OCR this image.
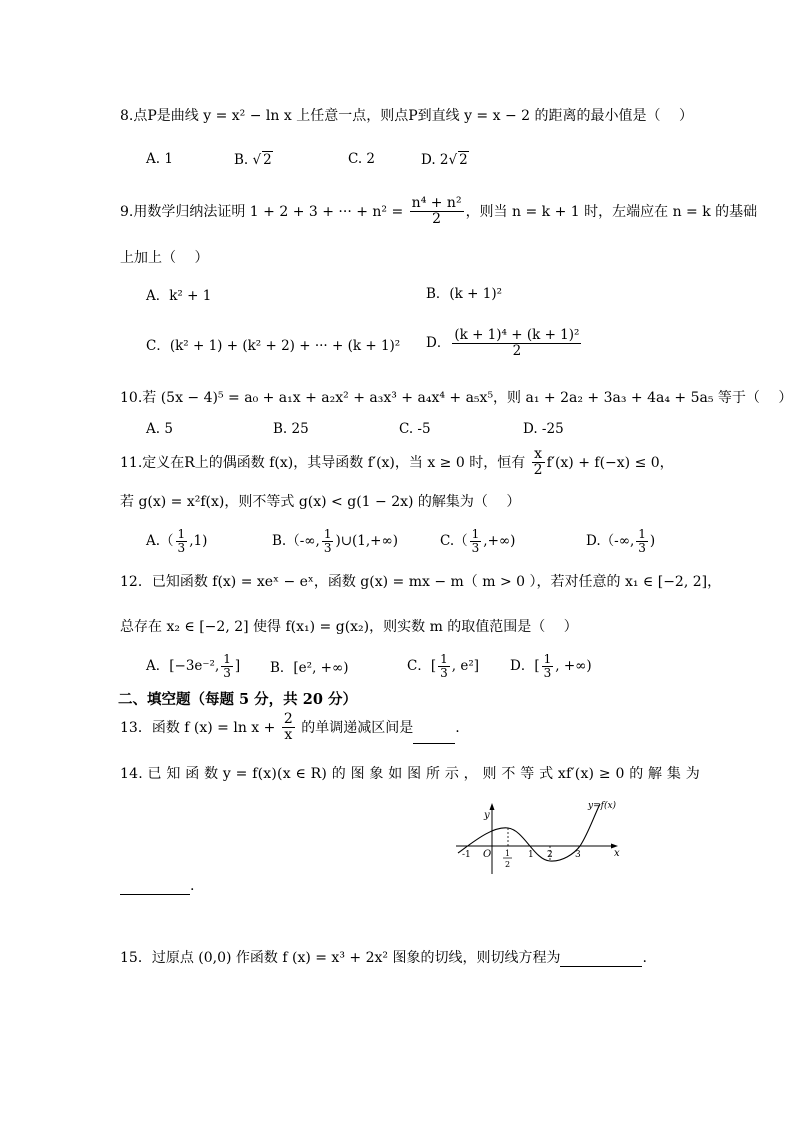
8.点P是曲线 y = x² − ln x 上任意一点，则点P到直线 y = x − 2 的距离的最小值是（　 ）
A. 1	B. √ 2	C. 2	D. 2√ 2
9.用数学归纳法证明 1 + 2 + 3 + ··· + $n^2 = \frac{\text{n⁴ + n²}}{2}$ ，则当 n = k + 1 时，左端应在 n = k 的基础
上加上（　 ）
A．k² + 1	B．(k + 1)²
C．(k² + 1) + (k² + 2) + ··· + (k + 1)² D． $\frac{\text{(k + 1)⁴ + (k + 1)²}}{2}$
10.若 (5x − 4)⁵ = a₀ + a₁x + a₂x² + a₃x³ + a₄x⁴ + a₅x⁵，则 a₁ + 2a₂ + 3a₃ + 4a₄ + 5a₅ 等于（　 ）
A. 5	B. 25	C. -5	D. -25
11.定义在R上的偶函数 f(x)，其导函数 f′(x)，当 x ≥ 0 时，恒有 $\frac{x}{2} f'(x) + f(-x) \le 0$，
若 g(x) = x²f(x)，则不等式 g(x) < g(1 − 2x) 的解集为（　 ）
$A.( \frac{1}{3} ,1)$	B.（-∞, $\frac{1}{3}$ )∪(1,+∞)	$C.( \frac{1}{3}$ ,+∞)	D.（-∞, $\frac{1}{3}$ )
12．已知函数 f(x) = xeˣ − eˣ，函数 g(x) = mx − m（ m > 0 ），若对任意的 x₁ ∈ [−2, 2]，
总存在 x₂ ∈ [−2, 2] 使得 f(x₁) = g(x₂)，则实数 m 的取值范围是（　 ）
A．[−3e⁻², $\frac{1}{3}$ ] B．[e², +∞)	C．[ $\frac{1}{3}$ , e²] D．[ $\frac{1}{3}$ , +∞)
二、填空题（每题 5 分，共 20 分）
13．函数 f $(x) = \ln x + \frac{2}{x}$ 的单调递减区间是	.
14. 已 知 函 数 y = f(x)(x ∈ R) 的 图 象 如 图 所 示 ， 则 不 等 式 xf′(x) ≥ 0 的 解 集 为
.
y
x
y=f(x)
O
-1	1
2
1 2 3
15．过原点 (0,0) 作函数 f (x) = x³ + 2x² 图象的切线，则切线方程为	.
